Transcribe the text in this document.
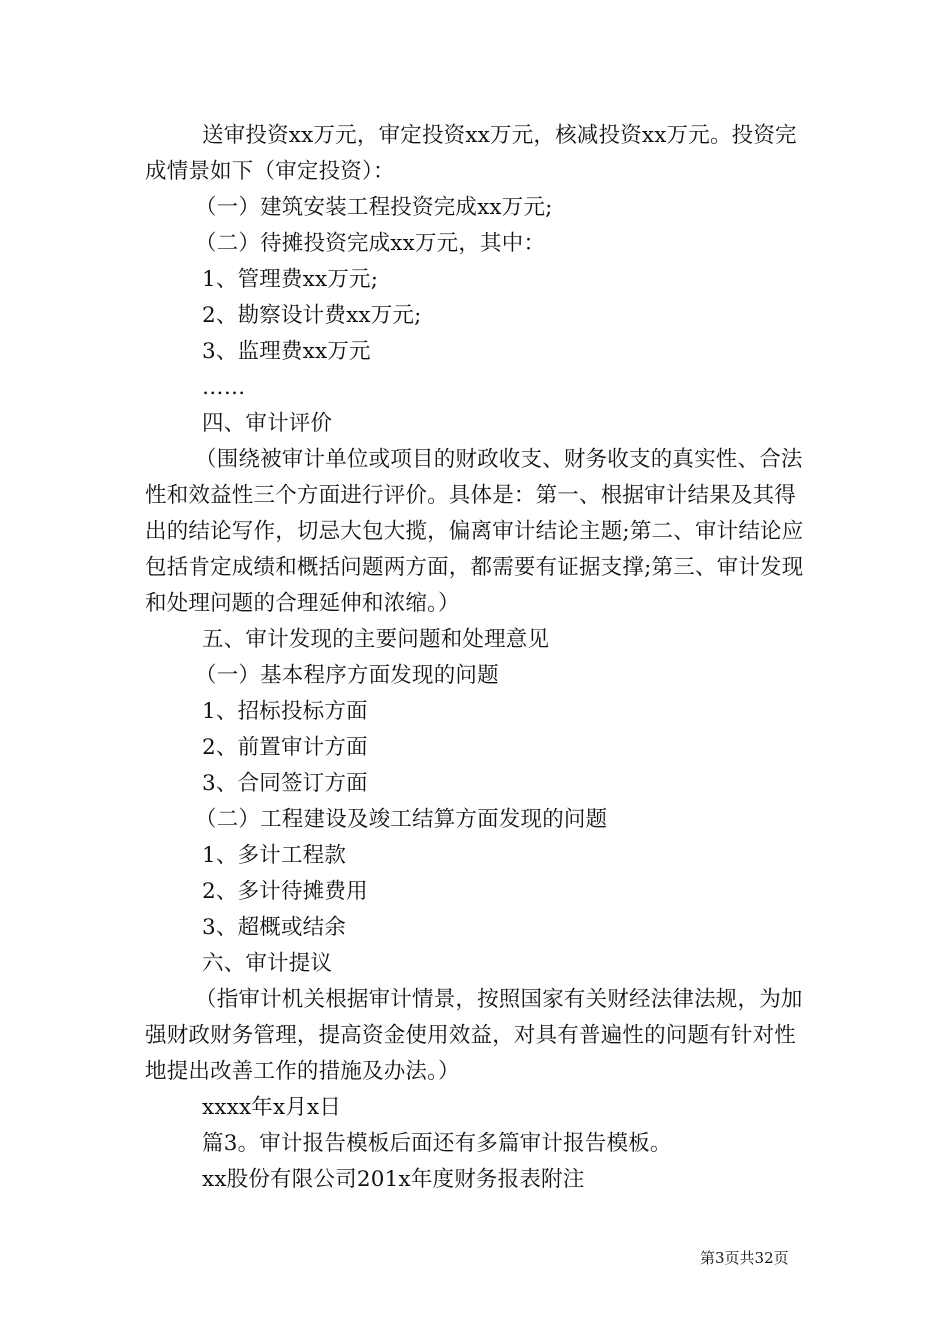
送审投资xx万元，审定投资xx万元，核减投资xx万元。投资完成情景如下（审定投资）：

（一）建筑安装工程投资完成xx万元;

（二）待摊投资完成xx万元，其中：

1、管理费xx万元;

2、勘察设计费xx万元;

3、监理费xx万元

……

四、审计评价

（围绕被审计单位或项目的财政收支、财务收支的真实性、合法性和效益性三个方面进行评价。具体是：第一、根据审计结果及其得出的结论写作，切忌大包大揽，偏离审计结论主题;第二、审计结论应包括肯定成绩和概括问题两方面，都需要有证据支撑;第三、审计发现和处理问题的合理延伸和浓缩。）

五、审计发现的主要问题和处理意见

（一）基本程序方面发现的问题

1、招标投标方面

2、前置审计方面

3、合同签订方面

（二）工程建设及竣工结算方面发现的问题

1、多计工程款

2、多计待摊费用

3、超概或结余

六、审计提议

（指审计机关根据审计情景，按照国家有关财经法律法规，为加强财政财务管理，提高资金使用效益，对具有普遍性的问题有针对性地提出改善工作的措施及办法。）

xxxx年x月x日

篇3。审计报告模板后面还有多篇审计报告模板。

xx股份有限公司201x年度财务报表附注

第3页共32页
